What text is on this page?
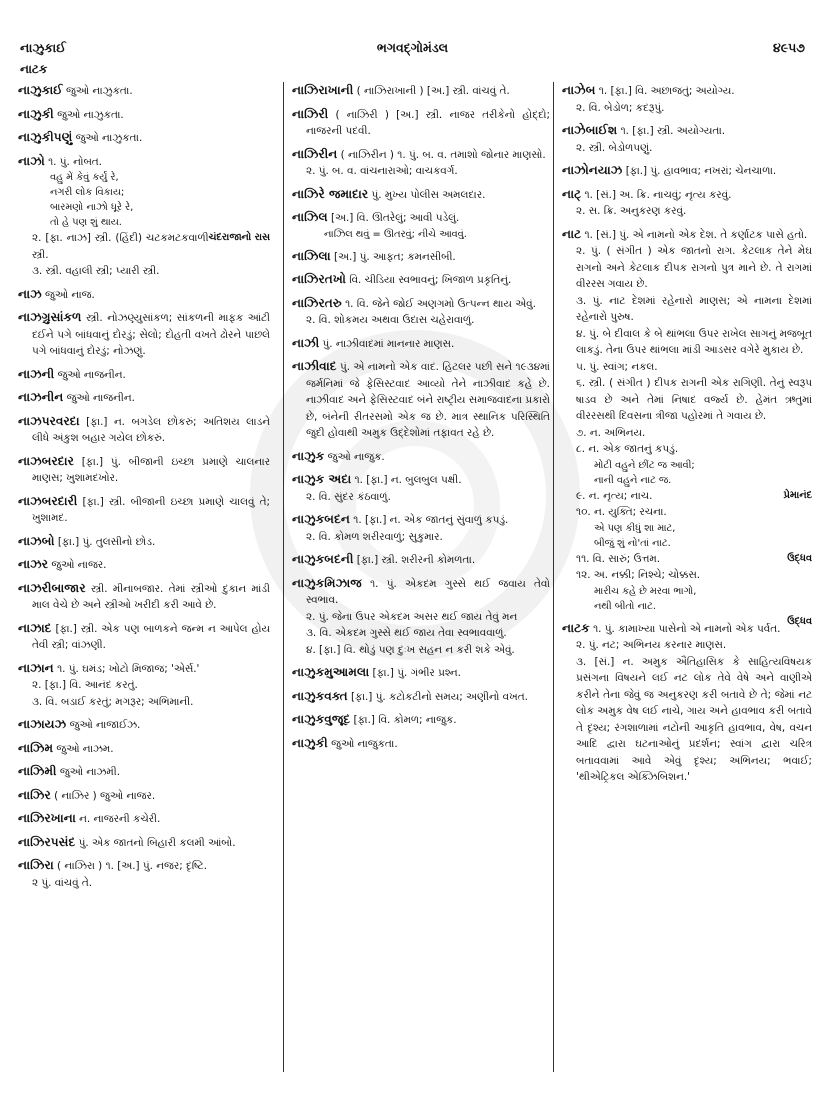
નાઝુકાઈ	ભગવદ્ગોમંડલ	૪૯૫૭
નાટક
નાઝુકાઈ જુઓ નાઝુકતા.
નાઝુકી જુઓ નાઝુકતા.
નાઝુકીપણું જુઓ નાઝુકતા.
નાઝો ૧. પું. નોબત.
વહુ મેં કેવું કર્યું રે,
નગરી લોક વિકાય;
બારમણો નાઝો ધૂરે રે,
તો હે પણ શું થાય.
ચંદરાજાનો રાસ
૨. [ફા. નાઝ] સ્ત્રી. (હિંદી) ચટકમટકવાળી સ્ત્રી.
૩. સ્ત્રી. વહાલી સ્ત્રી; પ્યારી સ્ત્રી.
નાઝ જુઓ નાજ.
નાઝગ્રુસાંકળ સ્ત્રી. નોઝણ્યુસાંકળ; સાંકળની માફક આંટી દઈને પગે બાંધવાનું દોરડું; સેલો; દોહતી વખતે ઢોરને પાછલે પગે બાંધવાનું દોરડું; નોઝણું.
નાઝની જુઓ નાજનીન.
નાઝનીન જુઓ નાજનીન.
નાઝપરવરદા [ફા.] ન. બગડેલ છોકરું; અતિશય લાડને લીધે અંકુશ બહાર ગયેલ છોકરું.
નાઝબરદાર [ફા.] પું. બીજાની ઇચ્છા પ્રમાણે ચાલનાર માણસ; ખુશામદખોર.
નાઝબરદારી [ફા.] સ્ત્રી. બીજાની ઇચ્છા પ્રમાણે ચાલવું તે; ખુશામદ.
નાઝબો [ફા.] પું. તુલસીનો છોડ.
નાઝર જુઓ નાજર.
નાઝરીબાજાર સ્ત્રી. મીનાબજાર. તેમાં સ્ત્રીઓ દુકાન માંડી માલ વેચે છે અને સ્ત્રીઓ ખરીદી કરી આવે છે.
નાઝાદ [ફા.] સ્ત્રી. એક પણ બાળકને જન્મ ન આપેલ હોય તેવી સ્ત્રી; વાંઝણી.
નાઝાન ૧. પું. ઘમંડ; ખોટો મિજાજ; 'એર્સ.'
૨. [ફા.] વિ. આનંદ કરતું.
૩. વિ. બડાઈ કરતું; મગરૂર; અભિમાની.
નાઝાયઝ જુઓ નાજાઈઝ.
નાઝિમ જુઓ નાઝમ.
નાઝિમી જુઓ નાઝમી.
નાઝિર ( નાઝિર ) જુઓ નાજર.
નાઝિરખાના ન. નાજરની કચેરી.
નાઝિરપસંદ પું. એક જાતનો બિહારી કલમી આંબો.
નાઝિરા ( નાઝિરા ) ૧. [અ.] પું. નજર; દૃષ્ટિ.
૨ પું. વાંચવું તે.
નાઝિરાખાની ( નાઝિરાખાની ) [અ.] સ્ત્રી. વાંચવું તે.
નાઝિરી ( નાઝિરી ) [અ.] સ્ત્રી. નાજર તરીકેનો હોદ્દો; નાજરની પદવી.
નાઝિરીન ( નાઝિરીન ) ૧. પું. બ. વ. તમાશો જોનાર માણસો.
૨. પું. બ. વ. વાંચનારાઓ; વાચકવર્ગ.
નાઝિરે જમાદાર પું. મુખ્ય પોલીસ અમલદાર.
નાઝિલ [અ.] વિ. ઊતરેલું; આવી પડેલું.
નાઝિલ થવું = ઊતરવું; નીચે આવવું.
નાઝિલા [અ.] પું. આફત; કમનસીબી.
નાઝિરતખો વિ. ચીડિયા સ્વભાવનું; ખિજાળ પ્રકૃતિનું.
નાઝિરતરુ ૧. વિ. જેને જોઈ અણગમો ઉત્પન્ન થાય એવું.
૨. વિ. શોકમય અથવા ઉદાસ ચહેરાવાળું.
નાઝી પું. નાઝીવાદમાં માનનાર માણસ.
નાઝીવાદ પું. એ નામનો એક વાદ. હિટલર પછી સને ૧૯૩૪માં જર્મનિમાં જે ફેસિસ્ટવાદ આવ્યો તેને નાઝીવાદ કહે છે. નાઝીવાદ અને ફેસિસ્ટવાદ બંને રાષ્ટ્રીય સમાજવાદના પ્રકારો છે, બંનેની રીતરસમો એક જ છે. માત્ર સ્થાનિક પરિસ્થિતિ જુદી હોવાથી અમુક ઉદ્દેશોમાં તફાવત રહે છે.
નાઝુક જુઓ નાજુક.
નાઝુક અદા ૧. [ફા.] ન. બુલબુલ પક્ષી.
૨. વિ. સુંદર કંઠવાળું.
નાઝુકબદન ૧. [ફા.] ન. એક જાતનું સુંવાળું કપડું.
૨. વિ. કોમળ શરીરવાળું; સુકુમાર.
નાઝુકબદની [ફા.] સ્ત્રી. શરીરની કોમળતા.
નાઝુકમિઝાજ ૧. પું. એકદમ ગુસ્સે થઈ જવાય તેવો સ્વભાવ.
૨. પું. જેના ઉપર એકદમ અસર થઈ જાય તેવું મન
૩. વિ. એકદમ ગુસ્સે થઈ જાય તેવા સ્વભાવવાળું.
૪. [ફા.] વિ. થોડું પણ દુઃખ સહન ન કરી શકે એવું.
નાઝુકમુઆમલા [ફા.] પું. ગંભીર પ્રશ્ન.
નાઝુકવક્ત [ફા.] પું. કટોકટીનો સમય; અણીનો વખત.
નાઝુકવુજૂદ [ફા.] વિ. કોમળ; નાજુક.
નાઝુકી જુઓ નાજુકતા.
નાઝેબ ૧. [ફા.] વિ. અછાજતું; અયોગ્ય.
૨. વિ. બેડોળ; કદરૂપું.
નાઝેબાઈશ ૧. [ફા.] સ્ત્રી. અયોગ્યતા.
૨. સ્ત્રી. બેડોળપણું.
નાઝોનયાઝ [ફા.] પું. હાવભાવ; નખરાં; ચેનચાળા.
નાટ્ ૧. [સં.] અ. ક્રિ. નાચવું; નૃત્ય કરવું.
૨. સ. ક્રિ. અનુકરણ કરવું.
નાટ ૧. [સં.] પું. એ નામનો એક દેશ. તે કર્ણાટક પાસે હતો.
૨. પું. ( સંગીત ) એક જાતનો રાગ. કેટલાક તેને મેઘ રાગનો અને કેટલાક દીપક રાગનો પુત્ર માને છે. તે રાગમાં વીરરસ ગવાય છે.
૩. પું. નાટ દેશમાં રહેનારો માણસ; એ નામના દેશમાં રહેનારો પુરુષ.
૪. પું. બે દીવાલ કે બે થાંભલા ઉપર રાખેલ સાગનું મજબૂત લાકડું. તેના ઉપર થાંભલા માંડી આડસર વગેરે મુકાય છે.
૫. પું. સ્વાંગ; નકલ.
૬. સ્ત્રી. ( સંગીત ) દીપક રાગની એક રાગિણી. તેનું સ્વરૂપ ષાડવ છે અને તેમાં નિષાદ વર્જ્ય છે. હેમંત ઋતુમાં વીરરસથી દિવસના ત્રીજા પહોરમાં તે ગવાય છે.
૭. ન. અભિનય.
૮. ન. એક જાતનું કપડું.
મોટી વહુને છીંટ જ આવી;
નાની વહુને નાટ જ.
પ્રેમાનંદ
૯. ન. નૃત્ય; નાચ.
૧૦. ન. યુક્તિ; રચના.
એ પણ કીધું શા માટ,
બીજું શું નો'તાં નાટ.
ઉદ્ધવ
૧૧. વિ. સારું; ઉત્તમ.
૧૨. અ. નક્કી; નિશ્ચે; ચોક્કસ.
મારીચ કહે છે મરવા ભાગો,
નથી બીતો નાટ.
ઉદ્ધવ
નાટક ૧. પું. કામાખ્યા પાસેનો એ નામનો એક પર્વત.
૨. પું. નટ; અભિનય કરનાર માણસ.
૩. [સં.] ન. અમુક ઐતિહાસિક કે સાહિત્યવિષયક પ્રસંગના વિષયને લઈ નટ લોક તેવે વેષે અને વાણીએ કરીને તેના જેવું જ અનુકરણ કરી બતાવે છે તે; જેમાં નટ લોક અમુક વેષ લઈ નાચે, ગાય અને હાવભાવ કરી બતાવે તે દૃશ્ય; રંગશાળામાં નટોની આકૃતિ હાવભાવ, વેષ, વચન આદિ દ્વારા ઘટનાઓનું પ્રદર્શન; સ્વાંગ દ્વારા ચરિત્ર બતાવવામાં આવે એવું દૃશ્ય; અભિનય; ભવાઈ; 'થીએટ્રિકલ એક્ઝિબિશન.'
